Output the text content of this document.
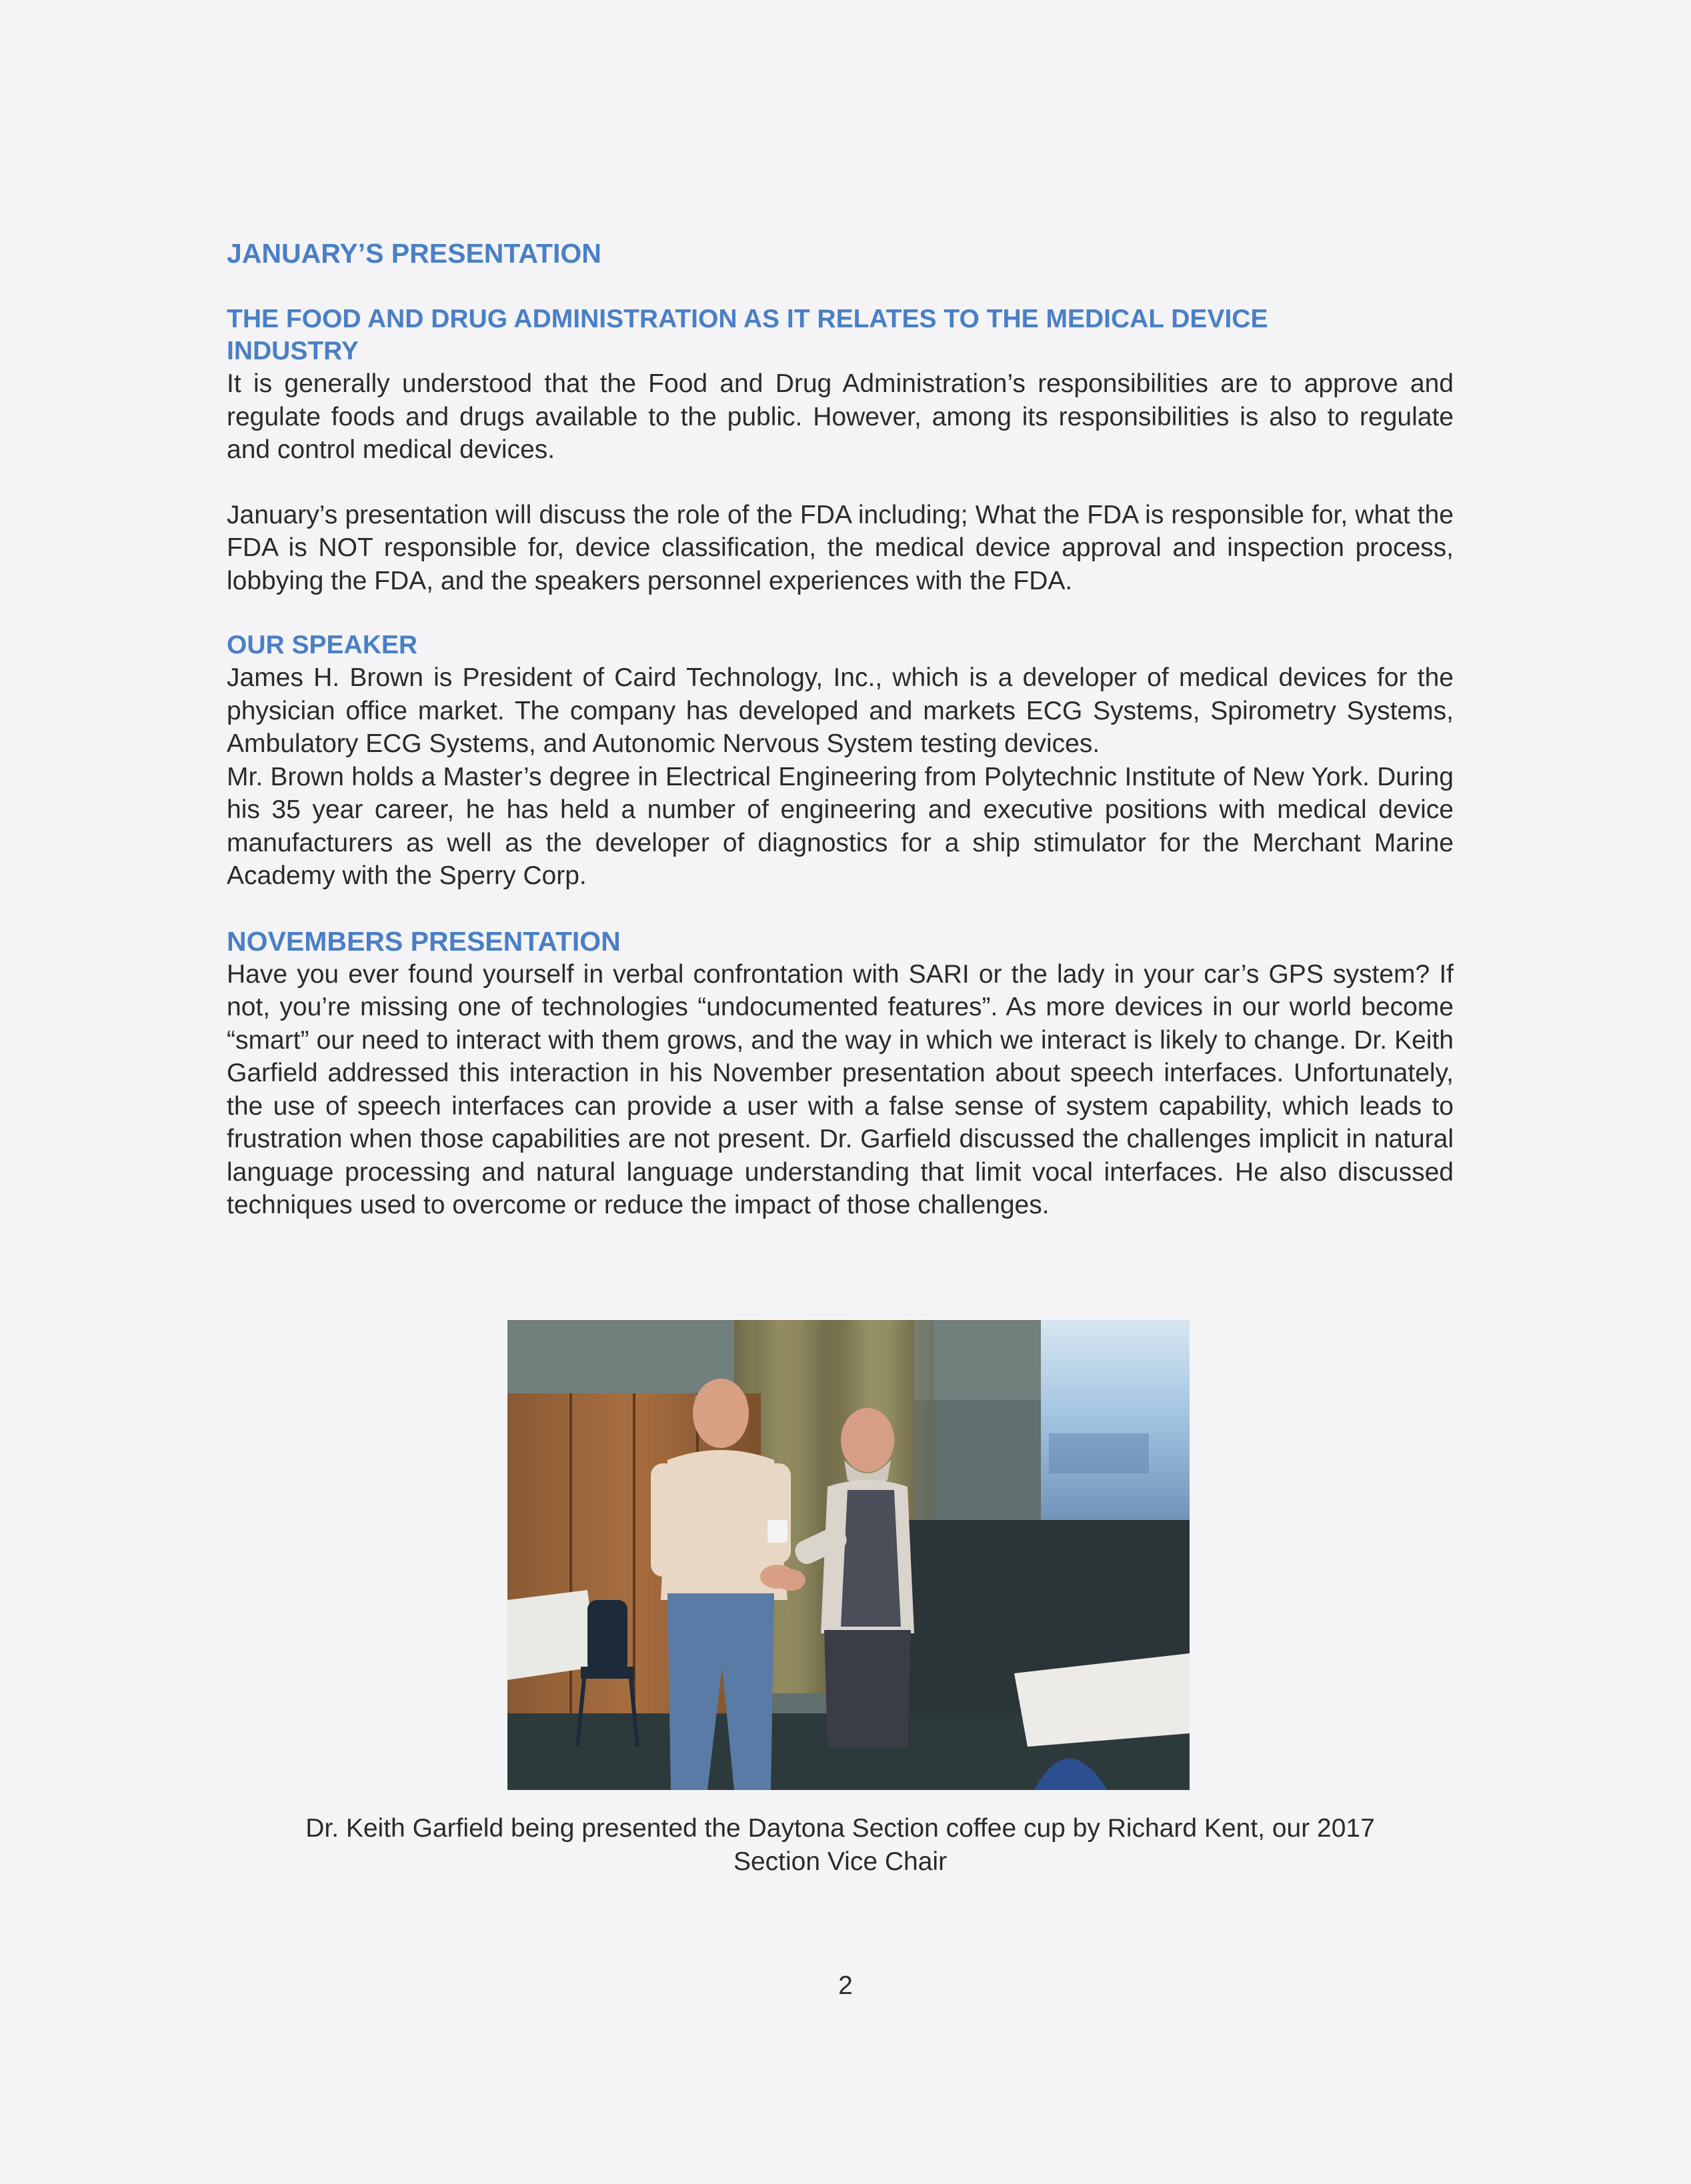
JANUARY’S PRESENTATION
THE FOOD AND DRUG ADMINISTRATION AS IT RELATES TO THE MEDICAL DEVICE
INDUSTRY

It is generally understood that the Food and Drug Administration’s responsibilities are to approve and regulate foods and drugs available to the public. However, among its responsibilities is also to regulate and control medical devices.

January’s presentation will discuss the role of the FDA including; What the FDA is responsible for, what the FDA is NOT responsible for, device classification, the medical device approval and inspection process, lobbying the FDA, and the speakers personnel experiences with the FDA.

OUR SPEAKER

James H. Brown is President of Caird Technology, Inc., which is a developer of medical devices for the physician office market. The company has developed and markets ECG Systems, Spirometry Systems, Ambulatory ECG Systems, and Autonomic Nervous System testing devices.

Mr. Brown holds a Master’s degree in Electrical Engineering from Polytechnic Institute of New York. During his 35 year career, he has held a number of engineering and executive positions with medical device manufacturers as well as the developer of diagnostics for a ship stimulator for the Merchant Marine Academy with the Sperry Corp.

NOVEMBERS PRESENTATION

Have you ever found yourself in verbal confrontation with SARI or the lady in your car’s GPS system? If not, you’re missing one of technologies “undocumented features”. As more devices in our world become “smart” our need to interact with them grows, and the way in which we interact is likely to change. Dr. Keith Garfield addressed this interaction in his November presentation about speech interfaces. Unfortunately, the use of speech interfaces can provide a user with a false sense of system capability, which leads to frustration when those capabilities are not present. Dr. Garfield discussed the challenges implicit in natural language processing and natural language understanding that limit vocal interfaces. He also discussed techniques used to overcome or reduce the impact of those challenges.

Dr. Keith Garfield being presented the Daytona Section coffee cup by Richard Kent, our 2017
Section Vice Chair
2
